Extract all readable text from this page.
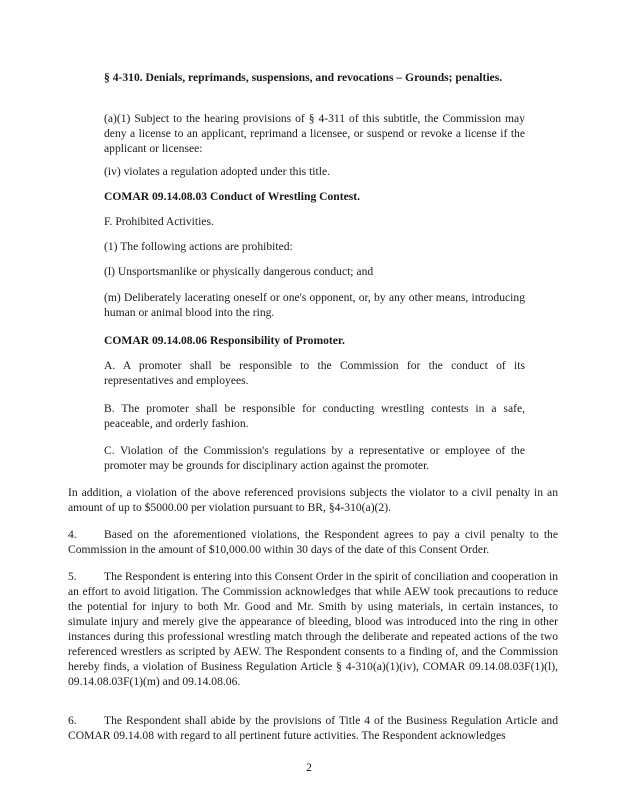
§ 4-310. Denials, reprimands, suspensions, and revocations – Grounds; penalties.

(a)(1) Subject to the hearing provisions of § 4-311 of this subtitle, the Commission may deny a license to an applicant, reprimand a licensee, or suspend or revoke a license if the applicant or licensee:

(iv) violates a regulation adopted under this title.

COMAR 09.14.08.03 Conduct of Wrestling Contest.

F. Prohibited Activities.

(1) The following actions are prohibited:

(l) Unsportsmanlike or physically dangerous conduct; and

(m) Deliberately lacerating oneself or one's opponent, or, by any other means, introducing human or animal blood into the ring.

COMAR 09.14.08.06 Responsibility of Promoter.

A. A promoter shall be responsible to the Commission for the conduct of its representatives and employees.

B. The promoter shall be responsible for conducting wrestling contests in a safe, peaceable, and orderly fashion.

C. Violation of the Commission's regulations by a representative or employee of the promoter may be grounds for disciplinary action against the promoter.

In addition, a violation of the above referenced provisions subjects the violator to a civil penalty in an amount of up to $5000.00 per violation pursuant to BR, §4-310(a)(2).

4. Based on the aforementioned violations, the Respondent agrees to pay a civil penalty to the Commission in the amount of $10,000.00 within 30 days of the date of this Consent Order.

5. The Respondent is entering into this Consent Order in the spirit of conciliation and cooperation in an effort to avoid litigation. The Commission acknowledges that while AEW took precautions to reduce the potential for injury to both Mr. Good and Mr. Smith by using materials, in certain instances, to simulate injury and merely give the appearance of bleeding, blood was introduced into the ring in other instances during this professional wrestling match through the deliberate and repeated actions of the two referenced wrestlers as scripted by AEW. The Respondent consents to a finding of, and the Commission hereby finds, a violation of Business Regulation Article § 4-310(a)(1)(iv), COMAR 09.14.08.03F(1)(l), 09.14.08.03F(1)(m) and 09.14.08.06.

6. The Respondent shall abide by the provisions of Title 4 of the Business Regulation Article and COMAR 09.14.08 with regard to all pertinent future activities. The Respondent acknowledges

2
